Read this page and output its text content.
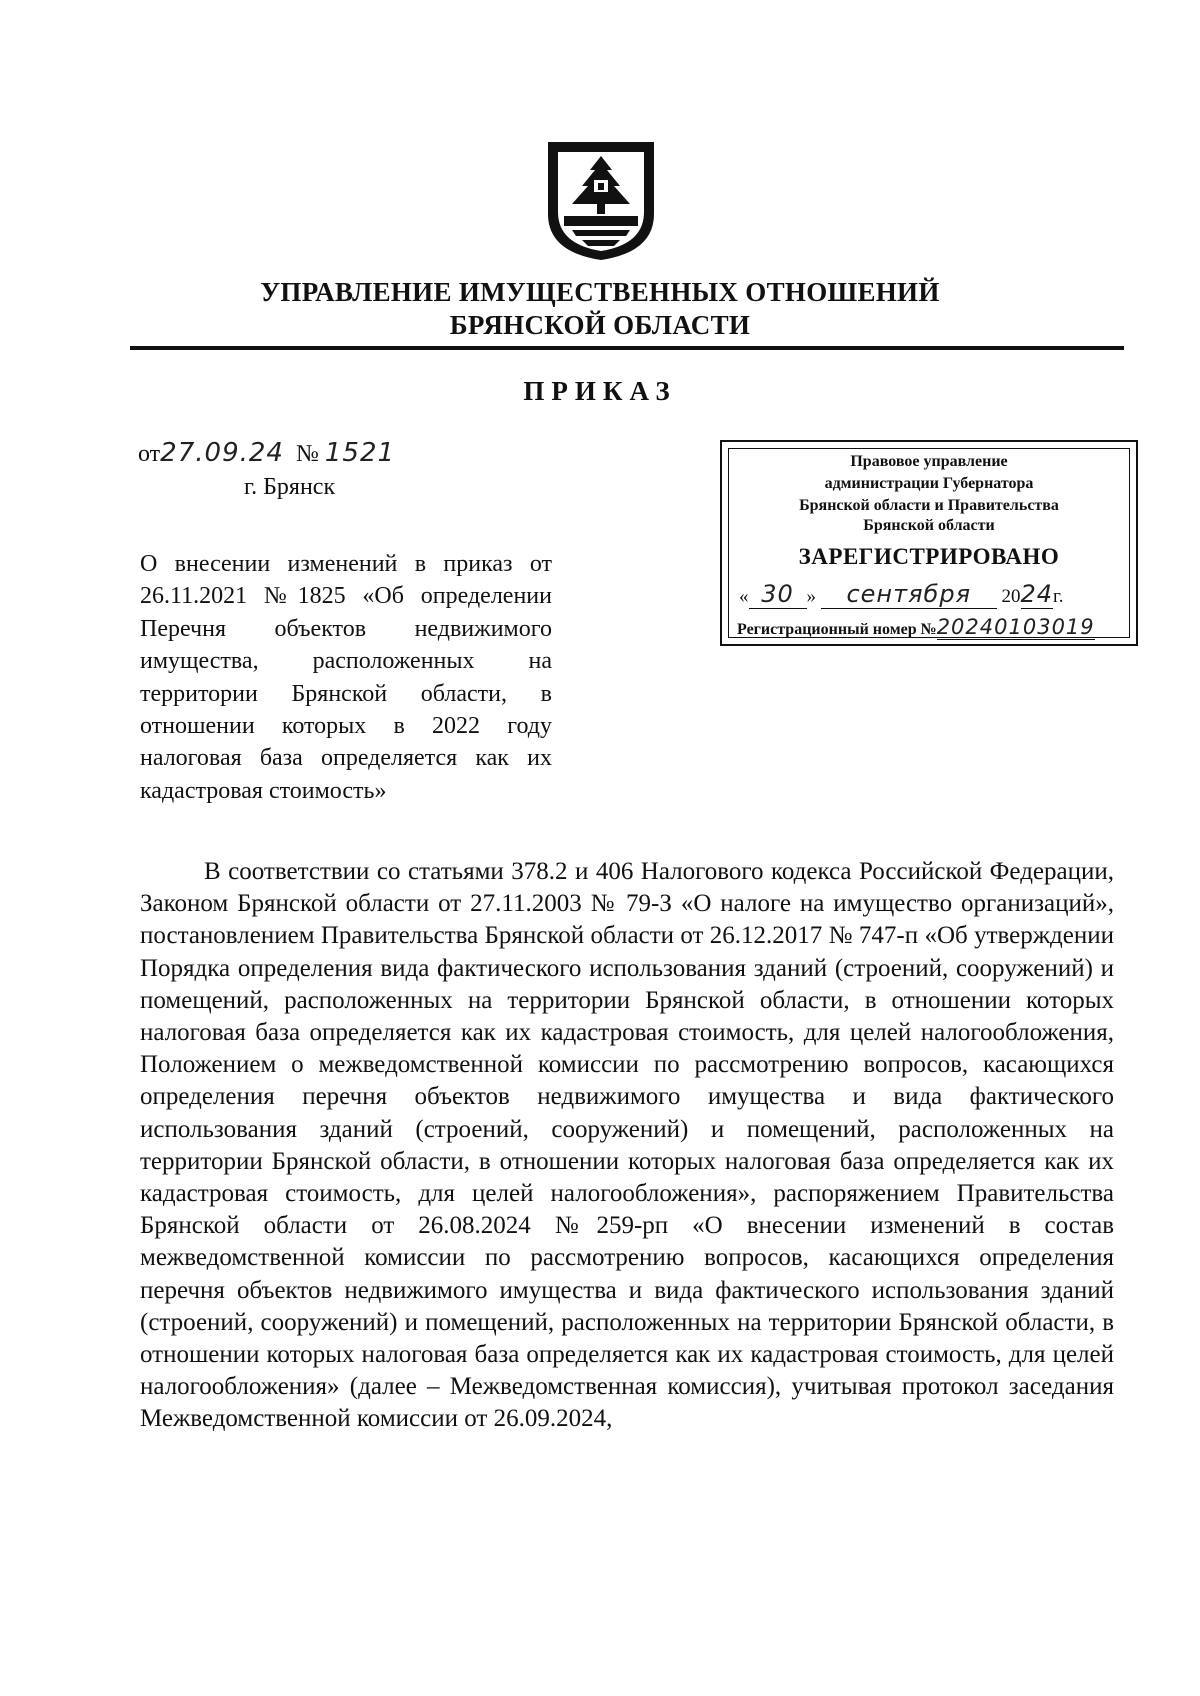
УПРАВЛЕНИЕ ИМУЩЕСТВЕННЫХ ОТНОШЕНИЙ
БРЯНСКОЙ ОБЛАСТИ
ПРИКАЗ
от27.09.24 № 1521
г. Брянск
О внесении изменений в приказ от 26.11.2021 №1825 «Об определении Перечня объектов недвижимого имущества, расположенных на территории Брянской области, в отношении которых в 2022 году налоговая база определяется как их кадастровая стоимость»
Правовое управление
администрации Губернатора
Брянской области и Правительства
Брянской области
ЗАРЕГИСТРИРОВАНО
« 30 » сентября 2024г.
Регистрационный номер №20240103019
В соответствии со статьями 378.2 и 406 Налогового кодекса Российской Федерации, Законом Брянской области от 27.11.2003 № 79-З «О налоге на имущество организаций», постановлением Правительства Брянской области от 26.12.2017 № 747-п «Об утверждении Порядка определения вида фактического использования зданий (строений, сооружений) и помещений, расположенных на территории Брянской области, в отношении которых налоговая база определяется как их кадастровая стоимость, для целей налогообложения, Положением о межведомственной комиссии по рассмотрению вопросов, касающихся определения перечня объектов недвижимого имущества и вида фактического использования зданий (строений, сооружений) и помещений, расположенных на территории Брянской области, в отношении которых налоговая база определяется как их кадастровая стоимость, для целей налогообложения», распоряжением Правительства Брянской области от 26.08.2024 №259-рп «О внесении изменений в состав межведомственной комиссии по рассмотрению вопросов, касающихся определения перечня объектов недвижимого имущества и вида фактического использования зданий (строений, сооружений) и помещений, расположенных на территории Брянской области, в отношении которых налоговая база определяется как их кадастровая стоимость, для целей налогообложения» (далее – Межведомственная комиссия), учитывая протокол заседания Межведомственной комиссии от 26.09.2024,
